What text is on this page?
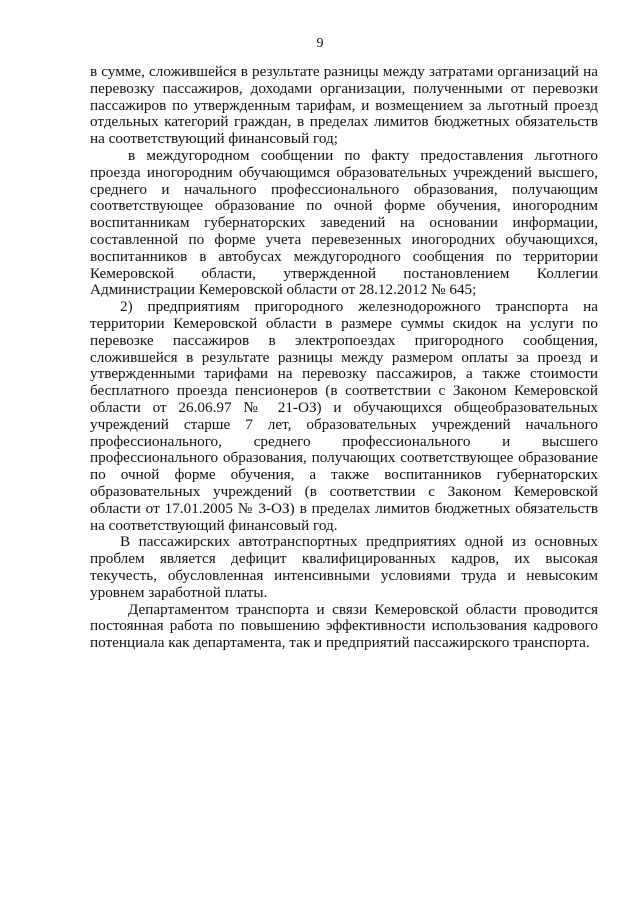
9

в сумме, сложившейся в результате разницы между затратами организаций на перевозку пассажиров, доходами организации, полученными от перевозки пассажиров по утвержденным тарифам, и возмещением за льготный проезд отдельных категорий граждан, в пределах лимитов бюджетных обязательств на соответствующий финансовый год;

в междугородном сообщении по факту предоставления льготного проезда иногородним обучающимся образовательных учреждений высшего, среднего и начального профессионального образования, получающим соответствующее образование по очной форме обучения, иногородним воспитанникам губернаторских заведений на основании информации, составленной по форме учета перевезенных иногородних обучающихся, воспитанников в автобусах междугородного сообщения по территории Кемеровской области, утвержденной постановлением Коллегии Администрации Кемеровской области от 28.12.2012 № 645;

2) предприятиям пригородного железнодорожного транспорта на территории Кемеровской области в размере суммы скидок на услуги по перевозке пассажиров в электропоездах пригородного сообщения, сложившейся в результате разницы между размером оплаты за проезд и утвержденными тарифами на перевозку пассажиров, а также стоимости бесплатного проезда пенсионеров (в соответствии с Законом Кемеровской области от 26.06.97 № 21-ОЗ) и обучающихся общеобразовательных учреждений старше 7 лет, образовательных учреждений начального профессионального, среднего профессионального и высшего профессионального образования, получающих соответствующее образование по очной форме обучения, а также воспитанников губернаторских образовательных учреждений (в соответствии с Законом Кемеровской области от 17.01.2005 № 3-ОЗ) в пределах лимитов бюджетных обязательств на соответствующий финансовый год.

В пассажирских автотранспортных предприятиях одной из основных проблем является дефицит квалифицированных кадров, их высокая текучесть, обусловленная интенсивными условиями труда и невысоким уровнем заработной платы.

Департаментом транспорта и связи Кемеровской области проводится постоянная работа по повышению эффективности использования кадрового потенциала как департамента, так и предприятий пассажирского транспорта.
